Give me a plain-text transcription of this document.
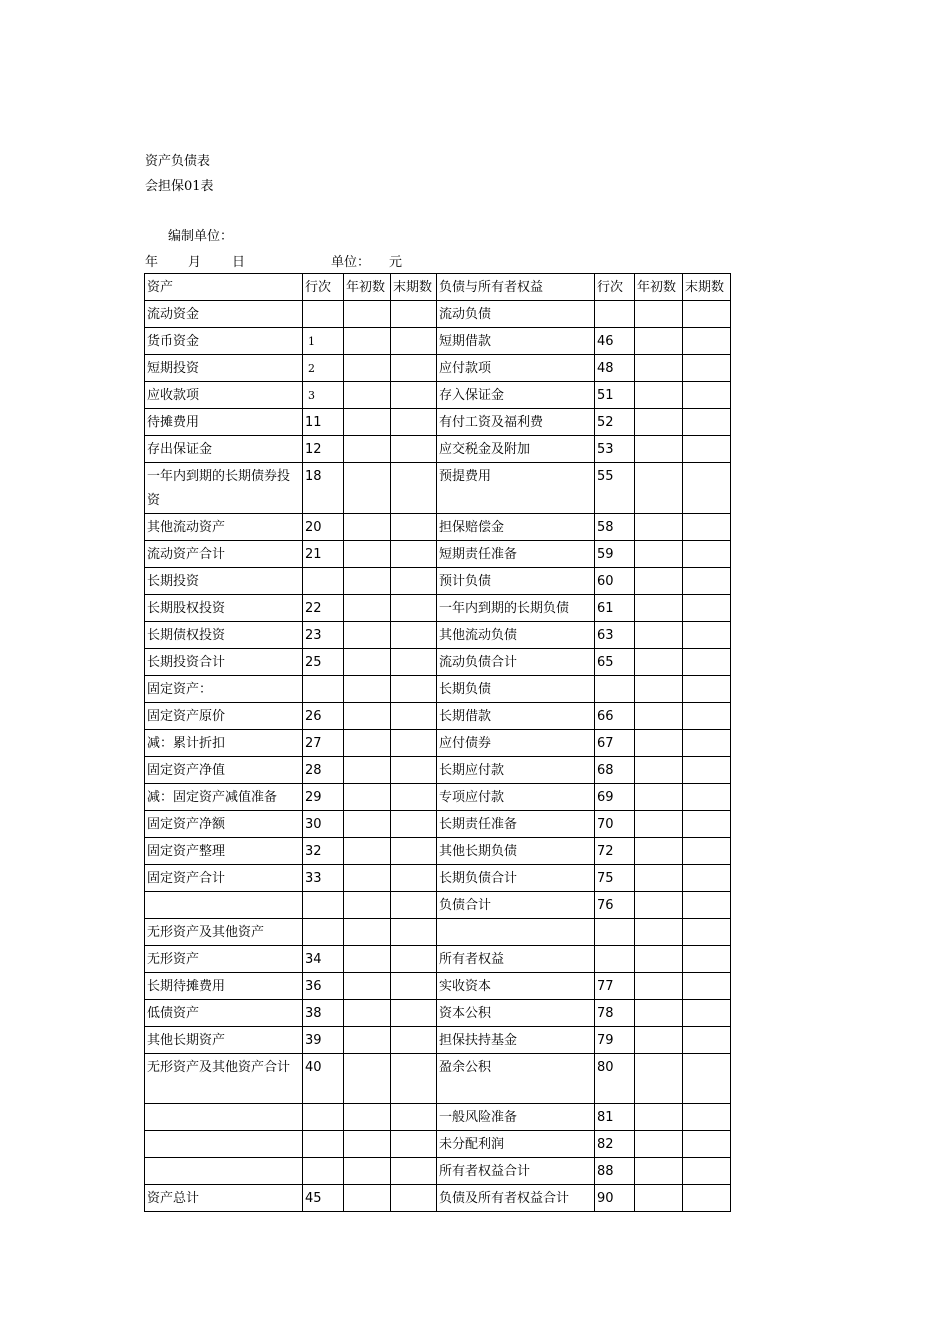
资产负债表
会担保01表
编制单位：
年 月 日	单位： 元
资产	行次	年初数	末期数	负债与所有者权益	行次	年初数	末期数
流动资金				流动负债			
货币资金	1			短期借款	46		
短期投资	2			应付款项	48		
应收款项	3			存入保证金	51		
待摊费用	11			有付工资及福利费	52		
存出保证金	12			应交税金及附加	53		
一年内到期的长期债券投资	18			预提费用	55		
其他流动资产	20			担保赔偿金	58		
流动资产合计	21			短期责任准备	59		
长期投资				预计负债	60		
长期股权投资	22			一年内到期的长期负债	61		
长期债权投资	23			其他流动负债	63		
长期投资合计	25			流动负债合计	65		
固定资产：				长期负债			
固定资产原价	26			长期借款	66		
减：累计折扣	27			应付债券	67		
固定资产净值	28			长期应付款	68		
减：固定资产减值准备	29			专项应付款	69		
固定资产净额	30			长期责任准备	70		
固定资产整理	32			其他长期负债	72		
固定资产合计	33			长期负债合计	75		
				负债合计	76		
无形资产及其他资产							
无形资产	34			所有者权益			
长期待摊费用	36			实收资本	77		
低债资产	38			资本公积	78		
其他长期资产	39			担保扶持基金	79		
无形资产及其他资产合计	40			盈余公积	80		
				一般风险准备	81		
				未分配利润	82		
				所有者权益合计	88		
资产总计	45			负债及所有者权益合计	90		
